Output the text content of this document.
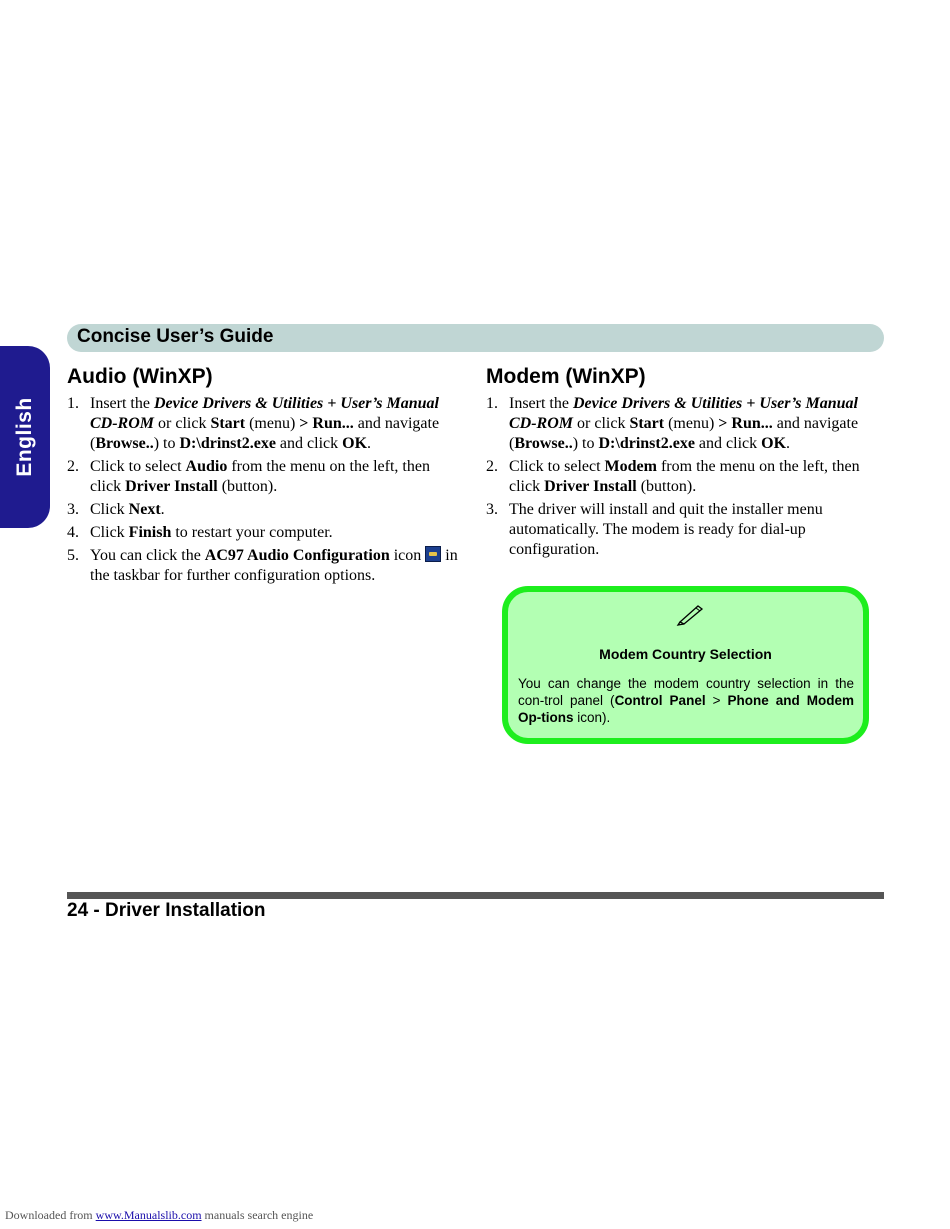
English
Concise User’s Guide
Audio (WinXP)
1. Insert the Device Drivers & Utilities + User’s Manual CD-ROM or click Start (menu) > Run... and navigate (Browse..) to D:\drinst2.exe and click OK.
2. Click to select Audio from the menu on the left, then click Driver Install (button).
3. Click Next.
4. Click Finish to restart your computer.
5. You can click the AC97 Audio Configuration icon
in the taskbar for further configuration options.
Modem (WinXP)
1. Insert the Device Drivers & Utilities + User’s Manual CD-ROM or click Start (menu) > Run... and navigate (Browse..) to D:\drinst2.exe and click OK.
2. Click to select Modem from the menu on the left, then click Driver Install (button).
3. The driver will install and quit the installer menu automatically. The modem is ready for dial-up configuration.
Modem Country Selection
You can change the modem country selection in the con-trol panel (Control Panel > Phone and Modem Op-tions icon).
24 - Driver Installation
Downloaded from www.Manualslib.com manuals search engine
